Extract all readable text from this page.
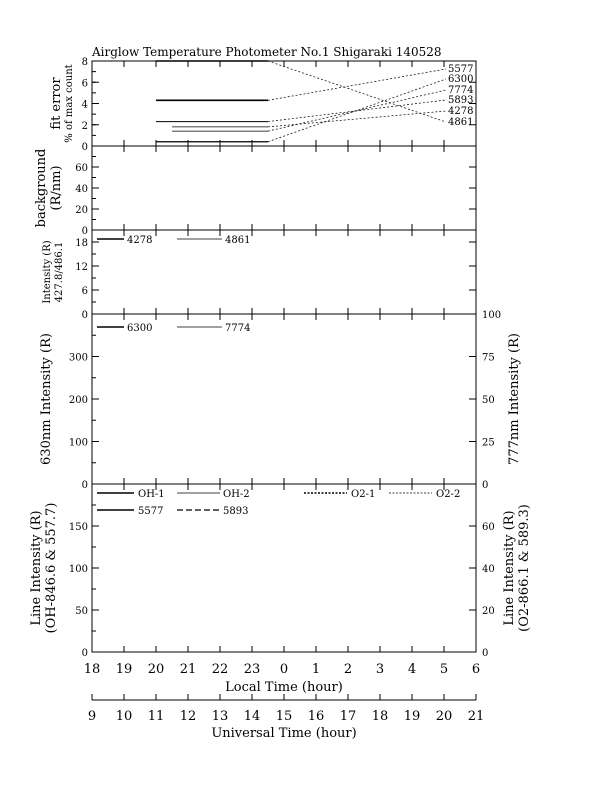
Airglow Temperature Photometer No.1 Shigaraki 140528
0
2
4
6
8
fit error % of max count	5577
6300
7774
5893
4278
4861
0
20
40
60
background (R/nm)
0
6
12
18
Intensity (R) 427.8/486.1
4278	4861
0
100
200
300
630nm Intensity (R)
0
25
50
75
100
777nm Intensity (R)
6300	7774
0
50
100
150
Line Intensity (R) (OH-846.6 & 557.7)
0
20
40
60 Line Intensity (R) (O2-866.1 & 589.3)
OH-1	OH-2	O2-1	O2-2
5577	5893
18 19 20 21 22 23 0 1 2 3 4 5 6
Local Time (hour)
9 10 11 12 13 14 15 16 17 18 19 20 21
Universal Time (hour)
